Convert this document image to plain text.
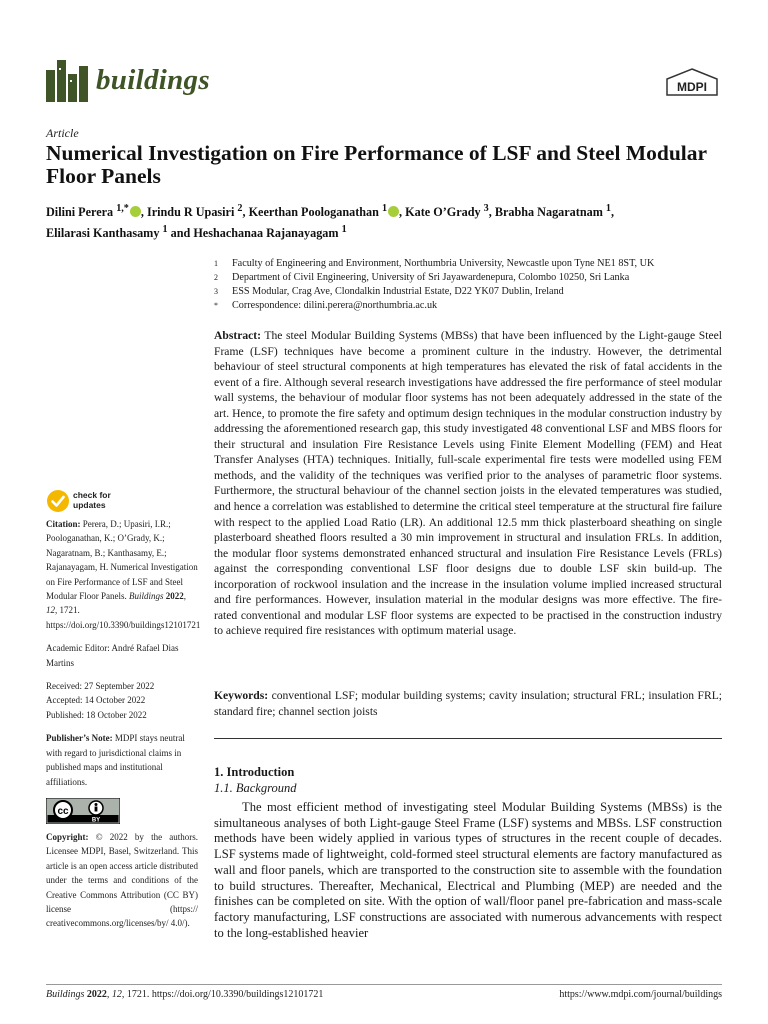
buildings	MDPI
Article
Numerical Investigation on Fire Performance of LSF and Steel Modular Floor Panels
Dilini Perera $^{1,*}$ , Irindu R Upasiri $^2$, Keerthan Poologanathan $^1$ , Kate O’Grady $^3$, Brabha Nagaratnam $^1$,
Elilarasi Kanthasamy $^1$ and Heshachanaa Rajanayagam $^1$
1	Faculty of Engineering and Environment, Northumbria University, Newcastle upon Tyne NE1 8ST, UK
2	Department of Civil Engineering, University of Sri Jayawardenepura, Colombo 10250, Sri Lanka
3	ESS Modular, Crag Ave, Clondalkin Industrial Estate, D22 YK07 Dublin, Ireland
*	Correspondence: dilini.perera@northumbria.ac.uk
Abstract: The steel Modular Building Systems (MBSs) that have been influenced by the Light-gauge Steel Frame (LSF) techniques have become a prominent culture in the industry. However, the detrimental behaviour of steel structural components at high temperatures has elevated the risk of fatal accidents in the event of a fire. Although several research investigations have addressed the fire performance of steel modular wall systems, the behaviour of modular floor systems has not been adequately addressed in the state of the art. Hence, to promote the fire safety and optimum design techniques in the modular construction industry by addressing the aforementioned research gap, this study investigated 48 conventional LSF and MBS floors for their structural and insulation Fire Resistance Levels using Finite Element Modelling (FEM) and Heat Transfer Analyses (HTA) techniques. Initially, full-scale experimental fire tests were modelled using FEM methods, and the validity of the techniques was verified prior to the analyses of parametric floor systems. Furthermore, the structural behaviour of the channel section joists in the elevated temperatures was studied, and hence a correlation was established to determine the critical steel temperature at the structural fire failure with respect to the applied Load Ratio (LR). An additional 12.5 mm thick plasterboard sheathing on single plasterboard sheathed floors resulted a 30 min improvement in structural and insulation FRLs. In addition, the modular floor systems demonstrated enhanced structural and insulation Fire Resistance Levels (FRLs) against the corresponding conventional LSF floor designs due to double LSF skin build-up. The incorporation of rockwool insulation and the increase in the insulation volume implied increased structural and fire performances. However, insulation material in the modular designs was more effective. The fire-rated conventional and modular LSF floor systems are expected to be practised in the construction industry to achieve required fire resistances with optimum material usage.
Keywords: conventional LSF; modular building systems; cavity insulation; structural FRL; insulation FRL; standard fire; channel section joists
1. Introduction
1.1. Background
The most efficient method of investigating steel Modular Building Systems (MBSs) is the simultaneous analyses of both Light-gauge Steel Frame (LSF) systems and MBSs. LSF construction methods have been widely applied in various types of structures in the recent couple of decades. LSF systems made of lightweight, cold-formed steel structural elements are factory manufactured as wall and floor panels, which are transported to the construction site to assemble with the foundation to build structures. Thereafter, Mechanical, Electrical and Plumbing (MEP) are needed and the finishes can be completed on site. With the option of wall/floor panel pre-fabrication and mass-scale factory manufacturing, LSF constructions are associated with numerous advancements with respect to the long-established heavier
check for
updates
Citation: Perera, D.; Upasiri, I.R.; Poologanathan, K.; O’Grady, K.; Nagaratnam, B.; Kanthasamy, E.; Rajanayagam, H. Numerical Investigation on Fire Performance of LSF and Steel Modular Floor Panels. Buildings 2022, 12, 1721. https://doi.org/10.3390/buildings12101721
Academic Editor: André Rafael Dias Martins
Received: 27 September 2022
Accepted: 14 October 2022
Published: 18 October 2022
Publisher’s Note: MDPI stays neutral with regard to jurisdictional claims in published maps and institutional affiliations.
cc
BY
Copyright: © 2022 by the authors. Licensee MDPI, Basel, Switzerland. This article is an open access article distributed under the terms and conditions of the Creative Commons Attribution (CC BY) license (https:// creativecommons.org/licenses/by/ 4.0/).
Buildings 2022, 12, 1721. https://doi.org/10.3390/buildings12101721	https://www.mdpi.com/journal/buildings
